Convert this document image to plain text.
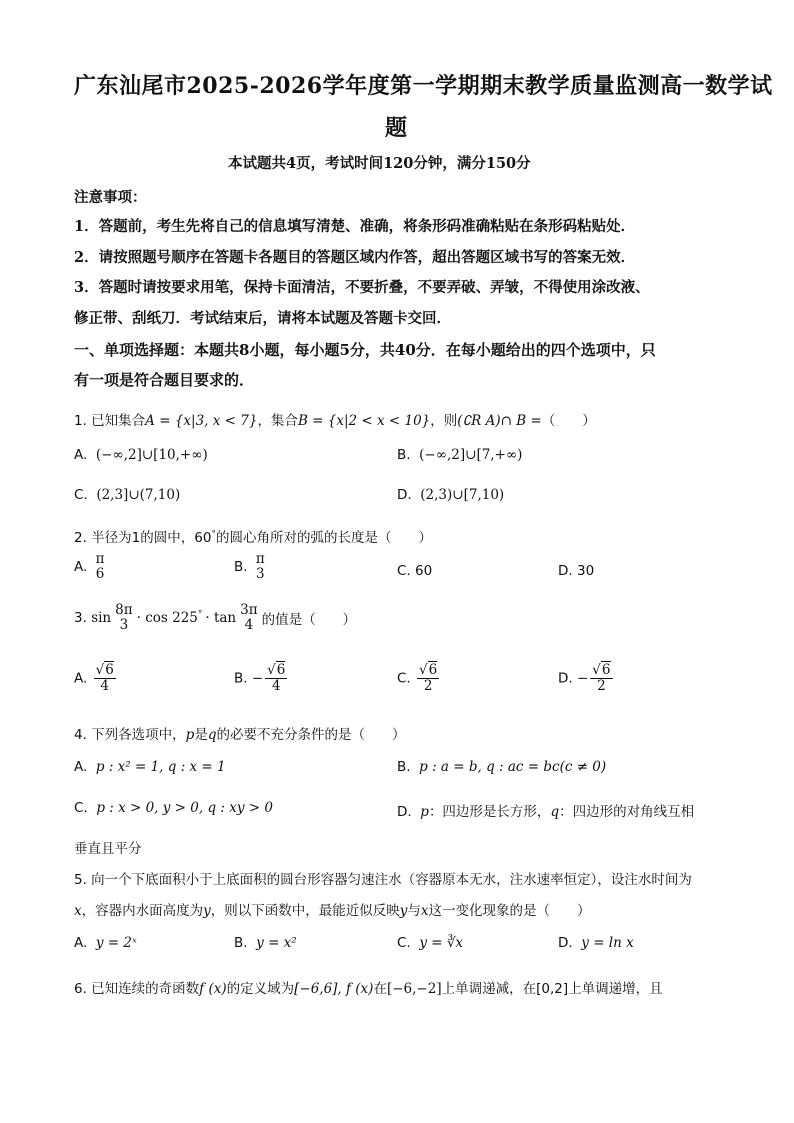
广东汕尾市2025-2026学年度第一学期期末教学质量监测高一数学试
题
本试题共4页，考试时间120分钟，满分150分
注意事项：
1．答题前，考生先将自己的信息填写清楚、准确，将条形码准确粘贴在条形码粘贴处．
2．请按照题号顺序在答题卡各题目的答题区域内作答，超出答题区域书写的答案无效．
3．答题时请按要求用笔，保持卡面清洁，不要折叠，不要弄破、弄皱，不得使用涂改液、
修正带、刮纸刀．考试结束后，请将本试题及答题卡交回．
一、单项选择题：本题共8小题，每小题5分，共40分．在每小题给出的四个选项中，只
有一项是符合题目要求的．
1. 已知集合A = {x|3, x < 7}，集合B = {x|2 < x < 10}，则(∁R A)∩ B =（　　）
A. (−∞,2]∪[10,+∞)	B. (−∞,2]∪[7,+∞)
C. (2,3]∪(7,10)	D. (2,3)∪[7,10)
2. 半径为1的圆中，60°的圆心角所对的弧的长度是（　　）
A. π
6	B. π
3	C. 60	D. 30
3. sin 8π
3 · cos 225° · tan 3π
4 的值是（　　）
A. $\frac{√6}{4}$	B. − $\frac{√6}{4}$	C. $\frac{√6}{2}$	D. − $\frac{√6}{2}$
4. 下列各选项中，p是q的必要不充分条件的是（　　）
A. p : x² = 1, q : x = 1	B. p : a = b, q : ac = bc(c ≠ 0)
C. p : x > 0, y > 0, q : xy > 0	D. p：四边形是长方形，q：四边形的对角线互相
垂直且平分
5. 向一个下底面积小于上底面积的圆台形容器匀速注水（容器原本无水，注水速率恒定），设注水时间为
x，容器内水面高度为y，则以下函数中，最能近似反映y与x这一变化现象的是（　　）
A. y = 2ˣ	B. y = x²	C. y = ∛x	D. y = ln x
6. 已知连续的奇函数f (x)的定义域为[−6,6], f (x)在[−6,−2]上单调递减，在[0,2]上单调递增，且
